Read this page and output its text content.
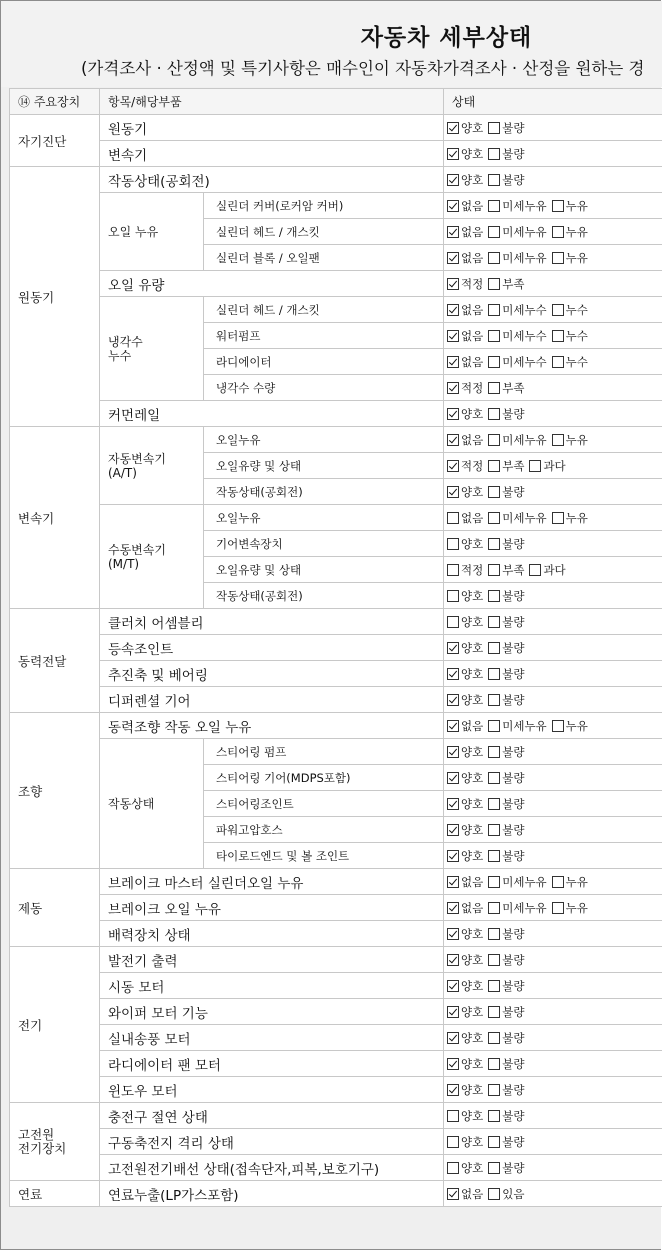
자동차 세부상태
(가격조사 · 산정액 및 특기사항은 매수인이 자동차가격조사 · 산정을 원하는 경
⑭ 주요장치	항목/해당부품		상태
자기진단	원동기		양호 불량
	변속기		양호 불량
원동기	작동상태(공회전)		양호 불량
	오일 누유	실린더 커버(로커암 커버)	없음 미세누유 누유
		실린더 헤드 / 개스킷	없음 미세누유 누유
		실린더 블록 / 오일팬	없음 미세누유 누유
	오일 유량		적정 부족
	냉각수
누수	실린더 헤드 / 개스킷	없음 미세누수 누수
		워터펌프	없음 미세누수 누수
		라디에이터	없음 미세누수 누수
		냉각수 수량	적정 부족
	커먼레일		양호 불량
변속기	자동변속기
(A/T)	오일누유	없음 미세누유 누유
		오일유량 및 상태	적정 부족 과다
		작동상태(공회전)	양호 불량
	수동변속기
(M/T)	오일누유	없음 미세누유 누유
		기어변속장치	양호 불량
		오일유량 및 상태	적정 부족 과다
		작동상태(공회전)	양호 불량
동력전달	클러치 어셈블리		양호 불량
	등속조인트		양호 불량
	추진축 및 베어링		양호 불량
	디퍼렌셜 기어		양호 불량
조향	동력조향 작동 오일 누유		없음 미세누유 누유
	작동상태	스티어링 펌프	양호 불량
		스티어링 기어(MDPS포함)	양호 불량
		스티어링조인트	양호 불량
		파워고압호스	양호 불량
		타이로드엔드 및 볼 조인트	양호 불량
제동	브레이크 마스터 실린더오일 누유		없음 미세누유 누유
	브레이크 오일 누유		없음 미세누유 누유
	배력장치 상태		양호 불량
전기	발전기 출력		양호 불량
	시동 모터		양호 불량
	와이퍼 모터 기능		양호 불량
	실내송풍 모터		양호 불량
	라디에이터 팬 모터		양호 불량
	윈도우 모터		양호 불량
고전원
전기장치	충전구 절연 상태		양호 불량
	구동축전지 격리 상태		양호 불량
	고전원전기배선 상태(접속단자,피복,보호기구)		양호 불량
연료	연료누출(LP가스포함)		없음 있음
